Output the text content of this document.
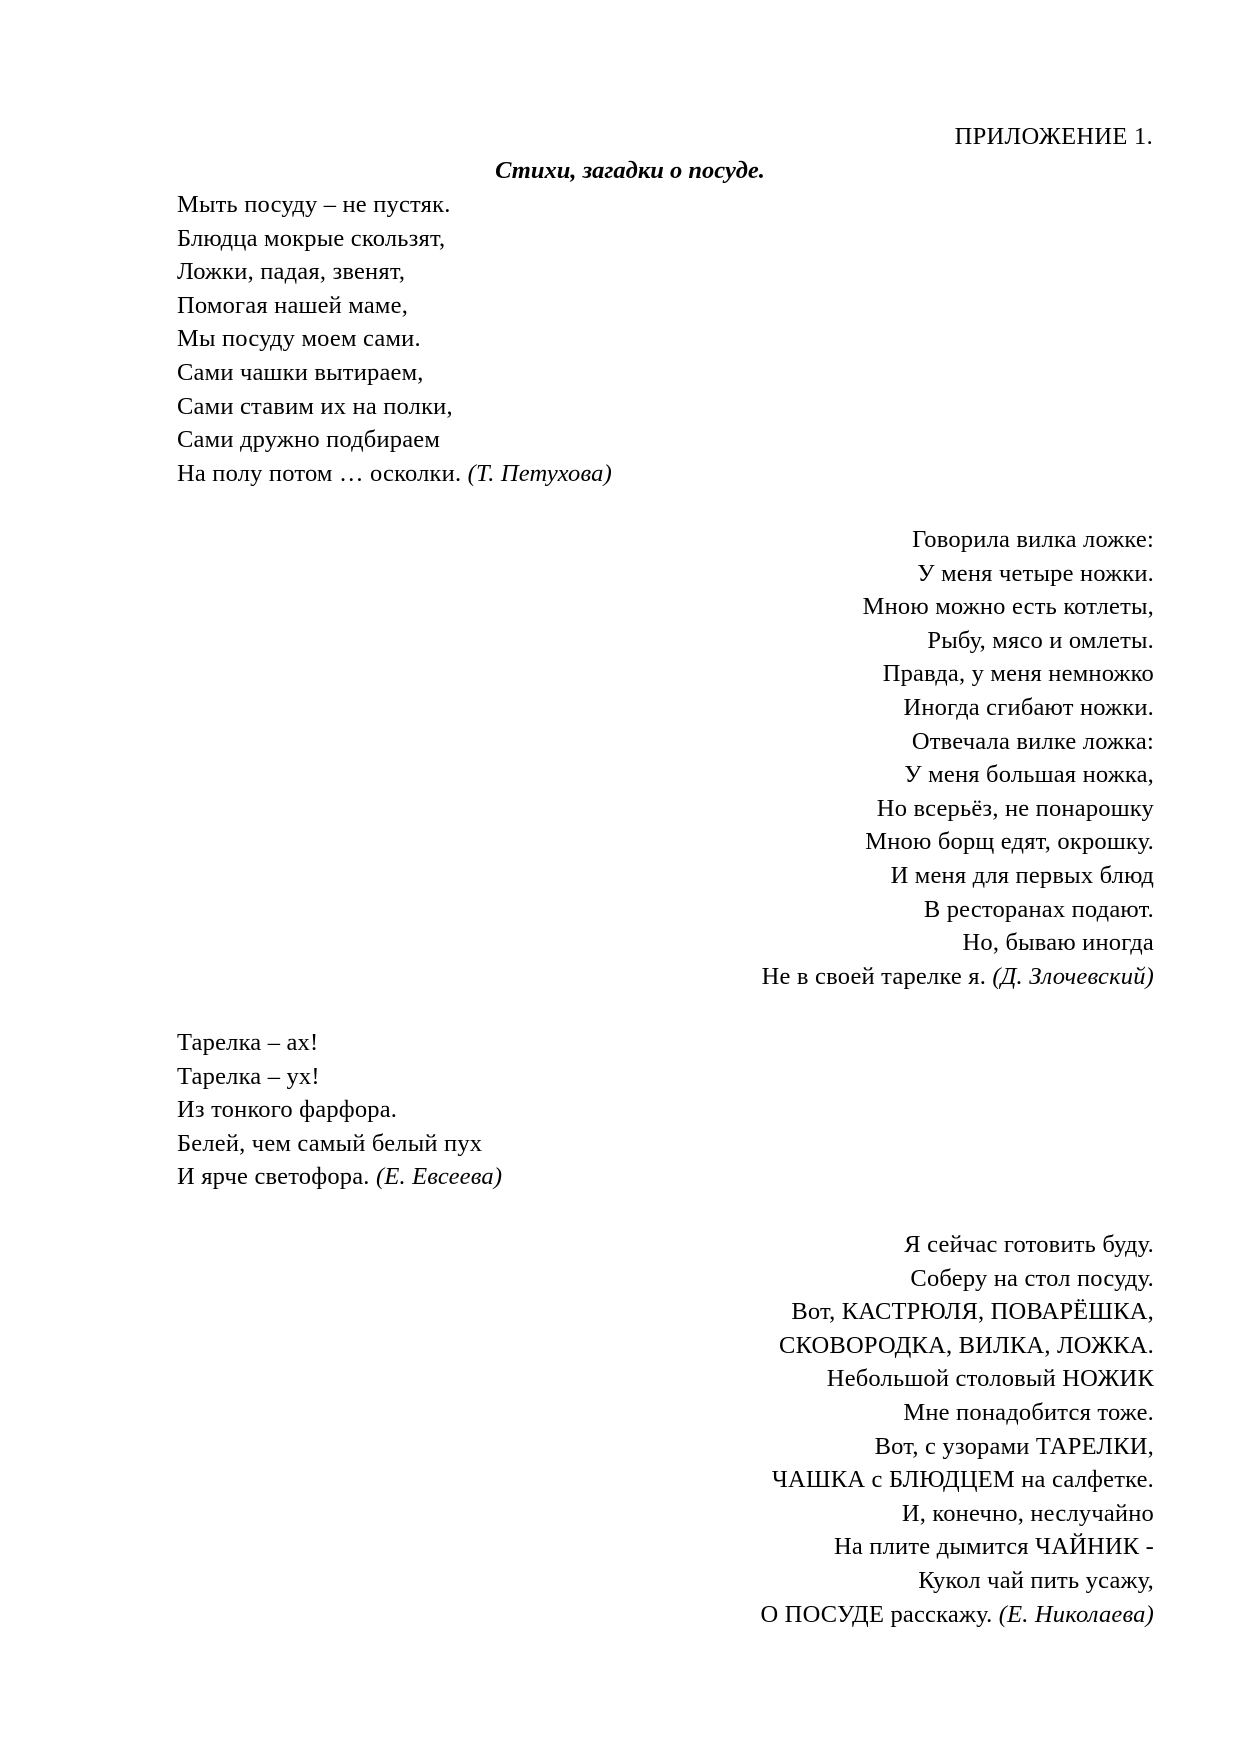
ПРИЛОЖЕНИЕ 1.
Стихи, загадки о посуде.
Мыть посуду – не пустяк.
Блюдца мокрые скользят,
Ложки, падая, звенят,
Помогая нашей маме,
Мы посуду моем сами.
Сами чашки вытираем,
Сами ставим их на полки,
Сами дружно подбираем
На полу потом … осколки. (Т. Петухова)
Говорила вилка ложке:
У меня четыре ножки.
Мною можно есть котлеты,
Рыбу, мясо и омлеты.
Правда, у меня немножко
Иногда сгибают ножки.
Отвечала вилке ложка:
У меня большая ножка,
Но всерьёз, не понарошку
Мною борщ едят, окрошку.
И меня для первых блюд
В ресторанах подают.
Но, бываю иногда
Не в своей тарелке я. (Д. Злочевский)
Тарелка – ах!
Тарелка – ух!
Из тонкого фарфора.
Белей, чем самый белый пух
И ярче светофора. (Е. Евсеева)
Я сейчас готовить буду.
Соберу на стол посуду.
Вот, КАСТРЮЛЯ, ПОВАРЁШКА,
СКОВОРОДКА, ВИЛКА, ЛОЖКА.
Небольшой столовый НОЖИК
Мне понадобится тоже.
Вот, с узорами ТАРЕЛКИ,
ЧАШКА с БЛЮДЦЕМ на салфетке.
И, конечно, неслучайно
На плите дымится ЧАЙНИК -
Кукол чай пить усажу,
О ПОСУДЕ расскажу. (Е. Николаева)
